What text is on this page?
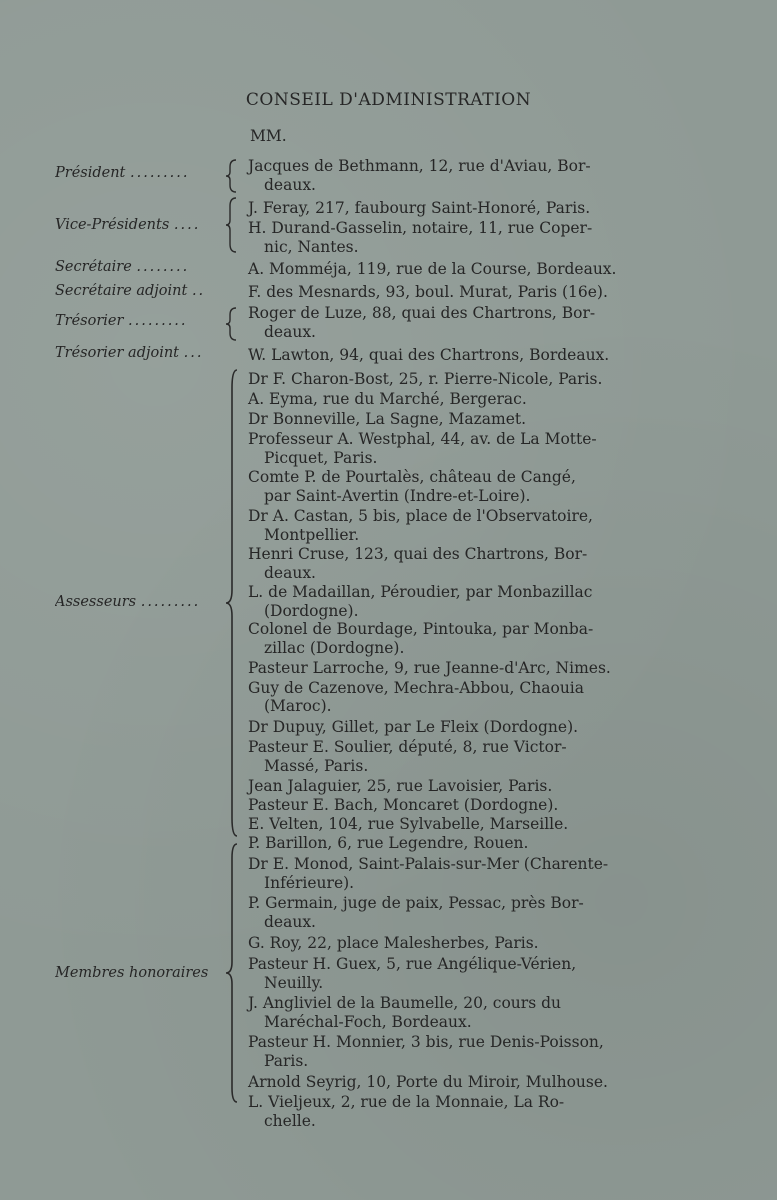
CONSEIL D'ADMINISTRATION
MM.
Président .........
Vice-Présidents ....
Secrétaire ........
Secrétaire adjoint ..
Trésorier .........
Trésorier adjoint ...
Assesseurs .........
Membres honoraires
Jacques de Bethmann, 12, rue d'Aviau, Bor-
deaux.
J. Feray, 217, faubourg Saint-Honoré, Paris.
H. Durand-Gasselin, notaire, 11, rue Coper-
nic, Nantes.
A. Momméja, 119, rue de la Course, Bordeaux.
F. des Mesnards, 93, boul. Murat, Paris (16e).
Roger de Luze, 88, quai des Chartrons, Bor-
deaux.
W. Lawton, 94, quai des Chartrons, Bordeaux.
Dr F. Charon-Bost, 25, r. Pierre-Nicole, Paris.
A. Eyma, rue du Marché, Bergerac.
Dr Bonneville, La Sagne, Mazamet.
Professeur A. Westphal, 44, av. de La Motte-
Picquet, Paris.
Comte P. de Pourtalès, château de Cangé,
par Saint-Avertin (Indre-et-Loire).
Dr A. Castan, 5 bis, place de l'Observatoire,
Montpellier.
Henri Cruse, 123, quai des Chartrons, Bor-
deaux.
L. de Madaillan, Péroudier, par Monbazillac
(Dordogne).
Colonel de Bourdage, Pintouka, par Monba-
zillac (Dordogne).
Pasteur Larroche, 9, rue Jeanne-d'Arc, Nimes.
Guy de Cazenove, Mechra-Abbou, Chaouia
(Maroc).
Dr Dupuy, Gillet, par Le Fleix (Dordogne).
Pasteur E. Soulier, député, 8, rue Victor-
Massé, Paris.
Jean Jalaguier, 25, rue Lavoisier, Paris.
Pasteur E. Bach, Moncaret (Dordogne).
E. Velten, 104, rue Sylvabelle, Marseille.
P. Barillon, 6, rue Legendre, Rouen.
Dr E. Monod, Saint-Palais-sur-Mer (Charente-
Inférieure).
P. Germain, juge de paix, Pessac, près Bor-
deaux.
G. Roy, 22, place Malesherbes, Paris.
Pasteur H. Guex, 5, rue Angélique-Vérien,
Neuilly.
J. Angliviel de la Baumelle, 20, cours du
Maréchal-Foch, Bordeaux.
Pasteur H. Monnier, 3 bis, rue Denis-Poisson,
Paris.
Arnold Seyrig, 10, Porte du Miroir, Mulhouse.
L. Vieljeux, 2, rue de la Monnaie, La Ro-
chelle.
